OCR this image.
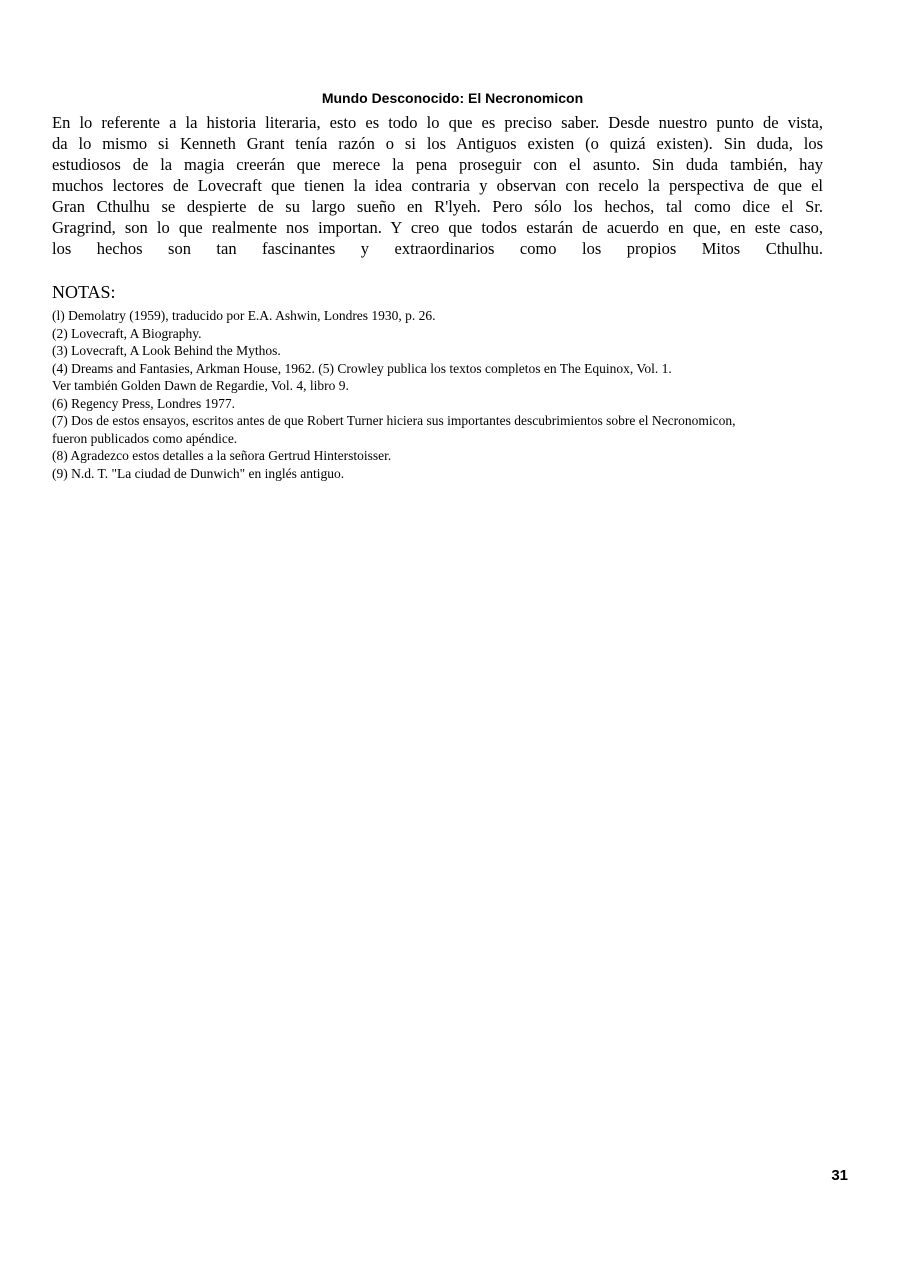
Mundo Desconocido: El Necronomicon
En lo referente a la historia literaria, esto es todo lo que es preciso saber. Desde nuestro punto de vista,
da lo mismo si Kenneth Grant tenía razón o si los Antiguos existen (o quizá existen). Sin duda, los
estudiosos de la magia creerán que merece la pena proseguir con el asunto. Sin duda también, hay
muchos lectores de Lovecraft que tienen la idea contraria y observan con recelo la perspectiva de que el
Gran Cthulhu se despierte de su largo sueño en R'lyeh. Pero sólo los hechos, tal como dice el Sr.
Gragrind, son lo que realmente nos importan. Y creo que todos estarán de acuerdo en que, en este caso,
los hechos son tan fascinantes y extraordinarios como los propios Mitos Cthulhu.
NOTAS:
(l) Demolatry (1959), traducido por E.A. Ashwin, Londres 1930, p. 26.
(2) Lovecraft, A Biography.
(3) Lovecraft, A Look Behind the Mythos.
(4) Dreams and Fantasies, Arkman House, 1962. (5) Crowley publica los textos completos en The Equinox, Vol. 1.
Ver también Golden Dawn de Regardie, Vol. 4, libro 9.
(6) Regency Press, Londres 1977.
(7) Dos de estos ensayos, escritos antes de que Robert Turner hiciera sus importantes descubrimientos sobre el Necronomicon,
fueron publicados como apéndice.
(8) Agradezco estos detalles a la señora Gertrud Hinterstoisser.
(9) N.d. T. "La ciudad de Dunwich" en inglés antiguo.
31
